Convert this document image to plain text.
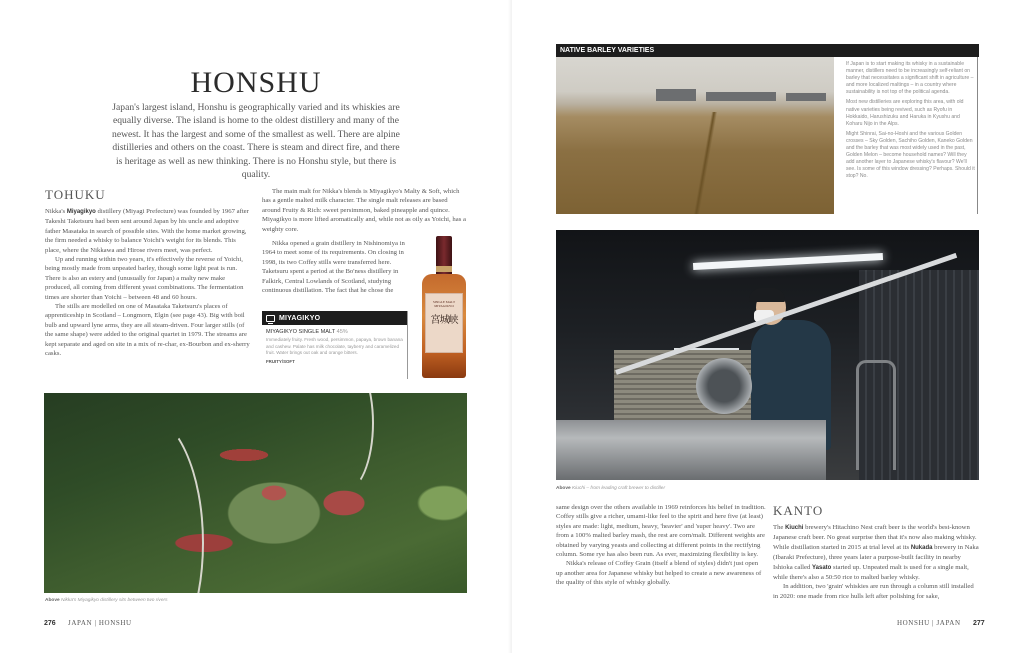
HONSHU

Japan's largest island, Honshu is geographically varied and its whiskies are equally diverse. The island is home to the oldest distillery and many of the newest. It has the largest and some of the smallest as well. There are alpine distilleries and others on the coast. There is steam and direct fire, and there is heritage as well as new thinking. There is no Honshu style, but there is quality.

TOHUKU

Nikka's Miyagikyo distillery (Miyagi Prefecture) was founded by 1967 after Takeshi Taketsuru had been sent around Japan by his uncle and adoptive father Masataka in search of possible sites. With the home market growing, the firm needed a whisky to balance Yoichi's weight for its blends. This place, where the Nikkawa and Hirose rivers meet, was perfect.

Up and running within two years, it's effectively the reverse of Yoichi, being mostly made from unpeated barley, though some light peat is run. There is also an estery and (unusually for Japan) a malty new make produced, all coming from different yeast combinations. The fermentation times are shorter than Yoichi – between 48 and 60 hours.

The stills are modelled on one of Masataka Taketsuru's places of apprenticeship in Scotland – Longmorn, Elgin (see page 43). Big with boil bulb and upward lyne arms, they are all steam-driven. Four larger stills (of the same shape) were added to the original quartet in 1979. The streams are kept separate and aged on site in a mix of re-char, ex-Bourbon and ex-sherry casks.

The main malt for Nikka's blends is Miyagikyo's Malty & Soft, which has a gentle malted milk character. The single malt releases are based around Fruity & Rich: sweet persimmon, baked pineapple and quince. Miyagikyo is more lifted aromatically and, while not as oily as Yoichi, has a weighty core.

Nikka opened a grain distillery in Nishinomiya in 1964 to meet some of its requirements. On closing in 1998, its two Coffey stills were transferred here. Taketsuru spent a period at the Bo'ness distillery in Falkirk, Central Lowlands of Scotland, studying continuous distillation. The fact that he chose the

MIYAGIKYO
MIYAGIKYO SINGLE MALT 45%
Immediately fruity. Fresh wood, persimmon, papaya, brown banana and cashew. Palate has milk chocolate, tayberry and caramelized fruit. Water brings out oak and orange bitters.
FRUITY/SOFT
SINGLE MALT
MIYAGIKYO
宮城峡
Above Nikka's Miyagikyo distillery sits between two rivers
276 JAPAN | HONSHU
NATIVE BARLEY VARIETIES

If Japan is to start making its whisky in a sustainable manner, distillers need to be increasingly self-reliant on barley that necessitates a significant shift in agriculture – and more localized maltings – in a country where sustainability is not top of the political agenda.

Most new distilleries are exploring this area, with old native varieties being revived, such as Ryofu in Hokkaido, Harushizuku and Haruka in Kyushu and Koharu Nijo in the Alps.

Might Shinrai, Sai-no-Hoshi and the various Golden crosses – Sky Golden, Sachiho Golden, Kaneko Golden and the barley that was most widely used in the past, Golden Melon – become household names? Will they add another layer to Japanese whisky's flavour? We'll see. Is some of this window dressing? Perhaps. Should it stop? No.

Above Kiuchi – from leading craft brewer to distiller

same design over the others available in 1969 reinforces his belief in tradition. Coffey stills give a richer, umami-like feel to the spirit and here five (at least) styles are made: light, medium, heavy, 'heavier' and 'super heavy'. Two are from a 100% malted barley mash, the rest are corn/malt. Different weights are obtained by varying yeasts and collecting at different points in the rectifying column. Some rye has also been run. As ever, maximizing flexibility is key.

Nikka's release of Coffey Grain (itself a blend of styles) didn't just open up another area for Japanese whisky but helped to create a new awareness of the quality of this style of whisky globally.

KANTO

The Kiuchi brewery's Hitachino Nest craft beer is the world's best-known Japanese craft beer. No great surprise then that it's now also making whisky. While distillation started in 2015 at trial level at its Nukada brewery in Naka (Ibaraki Prefecture), three years later a purpose-built facility in nearby Ishioka called Yasato started up. Unpeated malt is used for a single malt, while there's also a 50:50 rice to malted barley whisky.

In addition, two 'grain' whiskies are run through a column still installed in 2020: one made from rice hulls left after polishing for sake,

HONSHU | JAPAN 277
